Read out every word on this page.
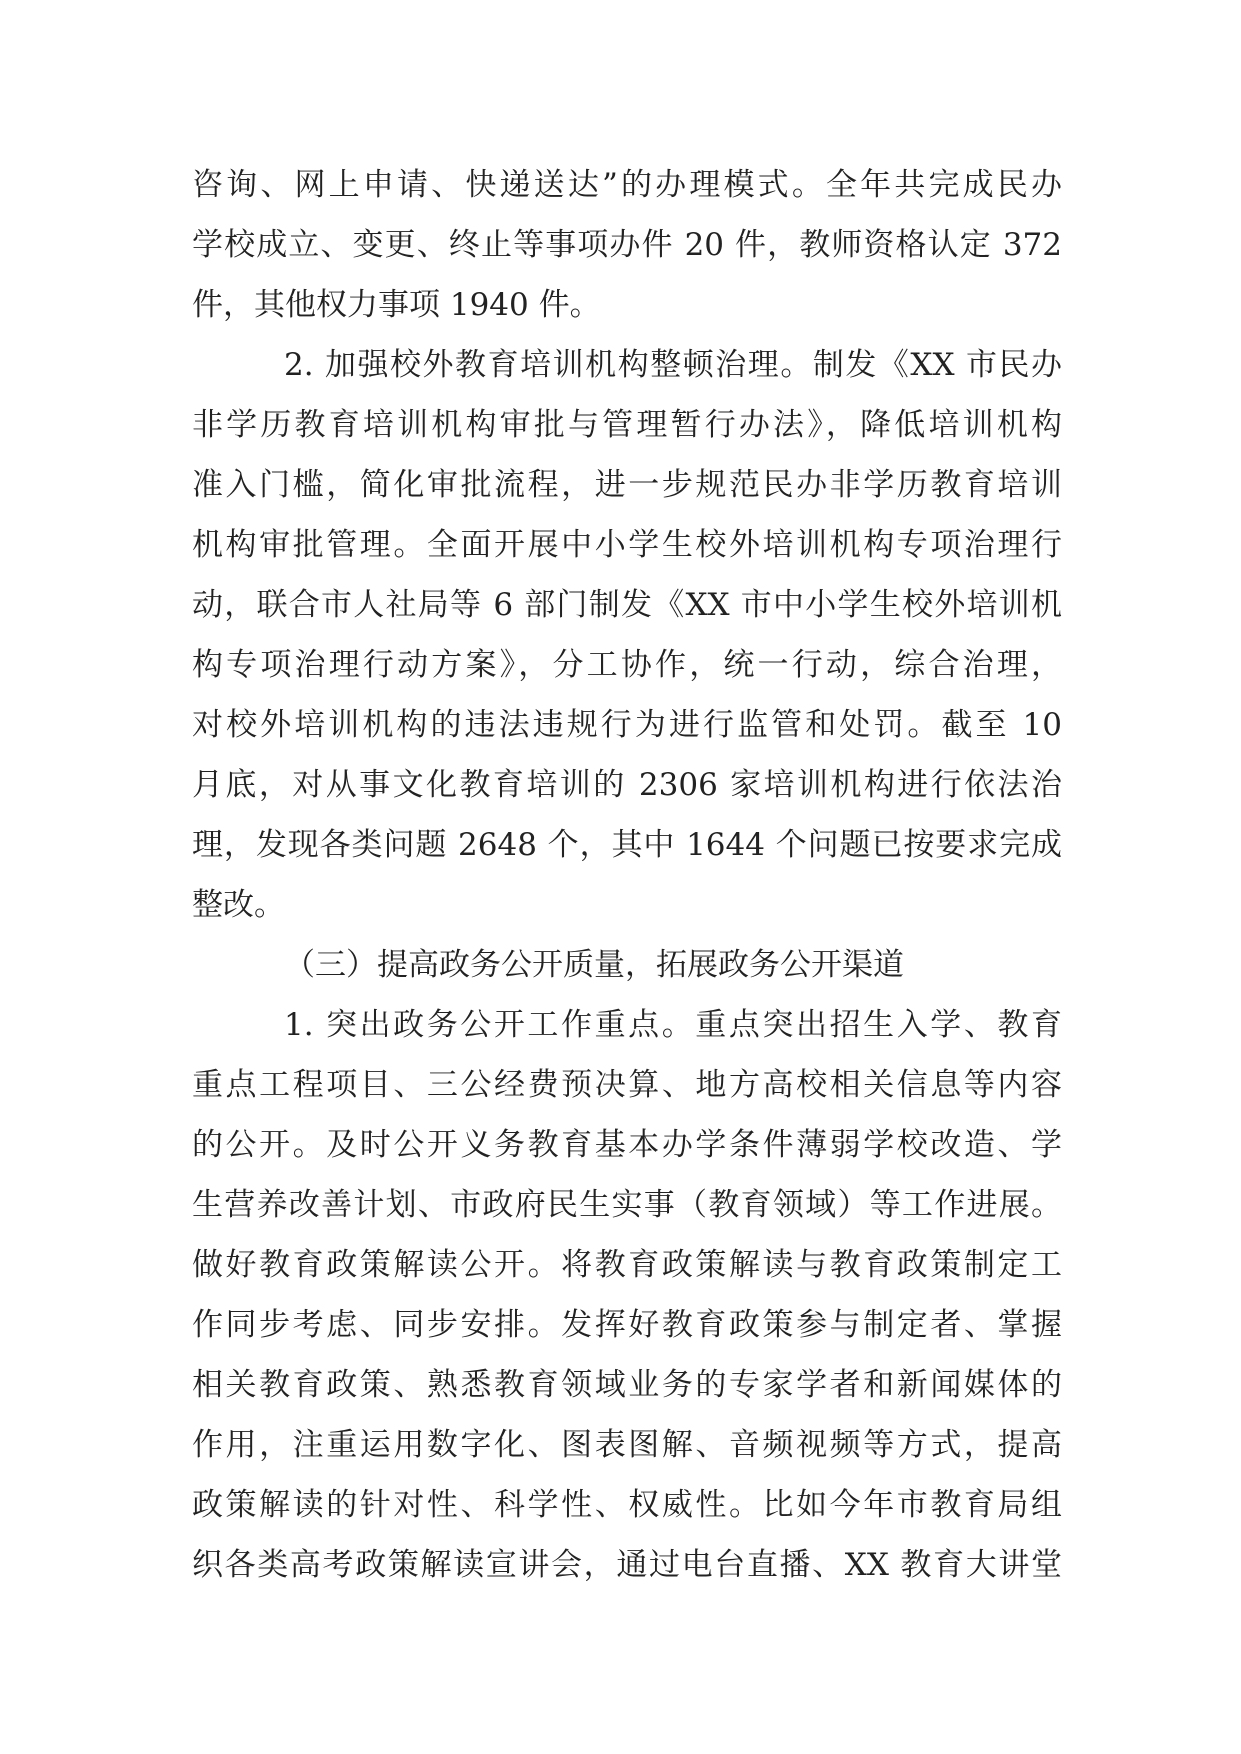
咨询、网上申请、快递送达”的办理模式。全年共完成民办
学校成立、变更、终止等事项办件 20 件，教师资格认定 372
件，其他权力事项 1940 件。
2. 加强校外教育培训机构整顿治理。制发《XX 市民办
非学历教育培训机构审批与管理暂行办法》，降低培训机构
准入门槛，简化审批流程，进一步规范民办非学历教育培训
机构审批管理。全面开展中小学生校外培训机构专项治理行
动，联合市人社局等 6 部门制发《XX 市中小学生校外培训机
构专项治理行动方案》，分工协作，统一行动，综合治理，
对校外培训机构的违法违规行为进行监管和处罚。截至 10
月底，对从事文化教育培训的 2306 家培训机构进行依法治
理，发现各类问题 2648 个，其中 1644 个问题已按要求完成
整改。
（三）提高政务公开质量，拓展政务公开渠道
1. 突出政务公开工作重点。重点突出招生入学、教育
重点工程项目、三公经费预决算、地方高校相关信息等内容
的公开。及时公开义务教育基本办学条件薄弱学校改造、学
生营养改善计划、市政府民生实事（教育领域）等工作进展。
做好教育政策解读公开。将教育政策解读与教育政策制定工
作同步考虑、同步安排。发挥好教育政策参与制定者、掌握
相关教育政策、熟悉教育领域业务的专家学者和新闻媒体的
作用，注重运用数字化、图表图解、音频视频等方式，提高
政策解读的针对性、科学性、权威性。比如今年市教育局组
织各类高考政策解读宣讲会，通过电台直播、XX 教育大讲堂
